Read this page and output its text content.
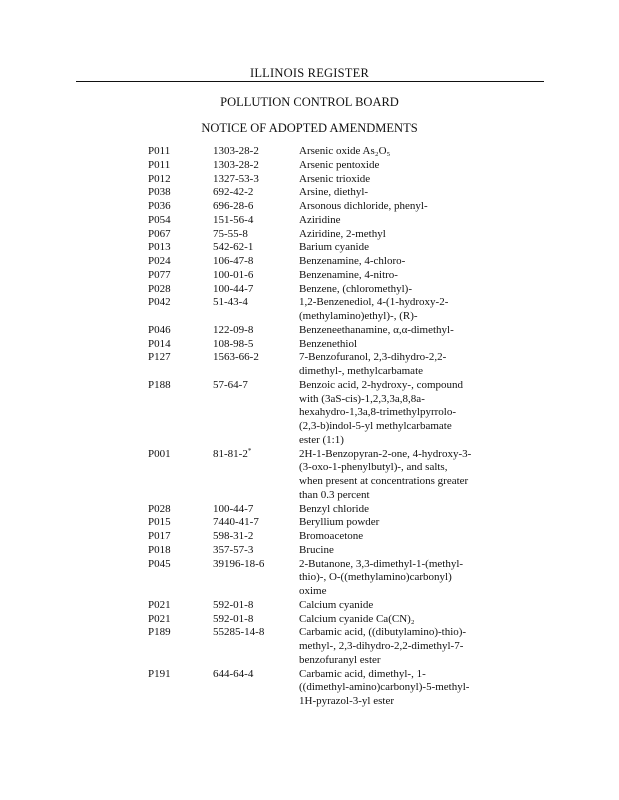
ILLINOIS REGISTER
POLLUTION CONTROL BOARD
NOTICE OF ADOPTED AMENDMENTS
P011	1303-28-2	Arsenic oxide As₂O₅
P011	1303-28-2	Arsenic pentoxide
P012	1327-53-3	Arsenic trioxide
P038	692-42-2	Arsine, diethyl-
P036	696-28-6	Arsonous dichloride, phenyl-
P054	151-56-4	Aziridine
P067	75-55-8	Aziridine, 2-methyl
P013	542-62-1	Barium cyanide
P024	106-47-8	Benzenamine, 4-chloro-
P077	100-01-6	Benzenamine, 4-nitro-
P028	100-44-7	Benzene, (chloromethyl)-
P042	51-43-4	1,2-Benzenediol, 4-(1-hydroxy-2-
(methylamino)ethyl)-, (R)-
P046	122-09-8	Benzeneethanamine, α,α-dimethyl-
P014	108-98-5	Benzenethiol
P127	1563-66-2	7-Benzofuranol, 2,3-dihydro-2,2-
dimethyl-, methylcarbamate
P188	57-64-7	Benzoic acid, 2-hydroxy-, compound
with (3aS-cis)-1,2,3,3a,8,8a-
hexahydro-1,3a,8-trimethylpyrrolo-
(2,3-b)indol-5-yl methylcarbamate
ester (1:1)
P001	81-81-2*	2H-1-Benzopyran-2-one, 4-hydroxy-3-
(3-oxo-1-phenylbutyl)-, and salts,
when present at concentrations greater
than 0.3 percent
P028	100-44-7	Benzyl chloride
P015	7440-41-7	Beryllium powder
P017	598-31-2	Bromoacetone
P018	357-57-3	Brucine
P045	39196-18-6	2-Butanone, 3,3-dimethyl-1-(methyl-
thio)-, O-((methylamino)carbonyl)
oxime
P021	592-01-8	Calcium cyanide
P021	592-01-8	Calcium cyanide Ca(CN)₂
P189	55285-14-8	Carbamic acid, ((dibutylamino)-thio)-
methyl-, 2,3-dihydro-2,2-dimethyl-7-
benzofuranyl ester
P191	644-64-4	Carbamic acid, dimethyl-, 1-
((dimethyl-amino)carbonyl)-5-methyl-
1H-pyrazol-3-yl ester
